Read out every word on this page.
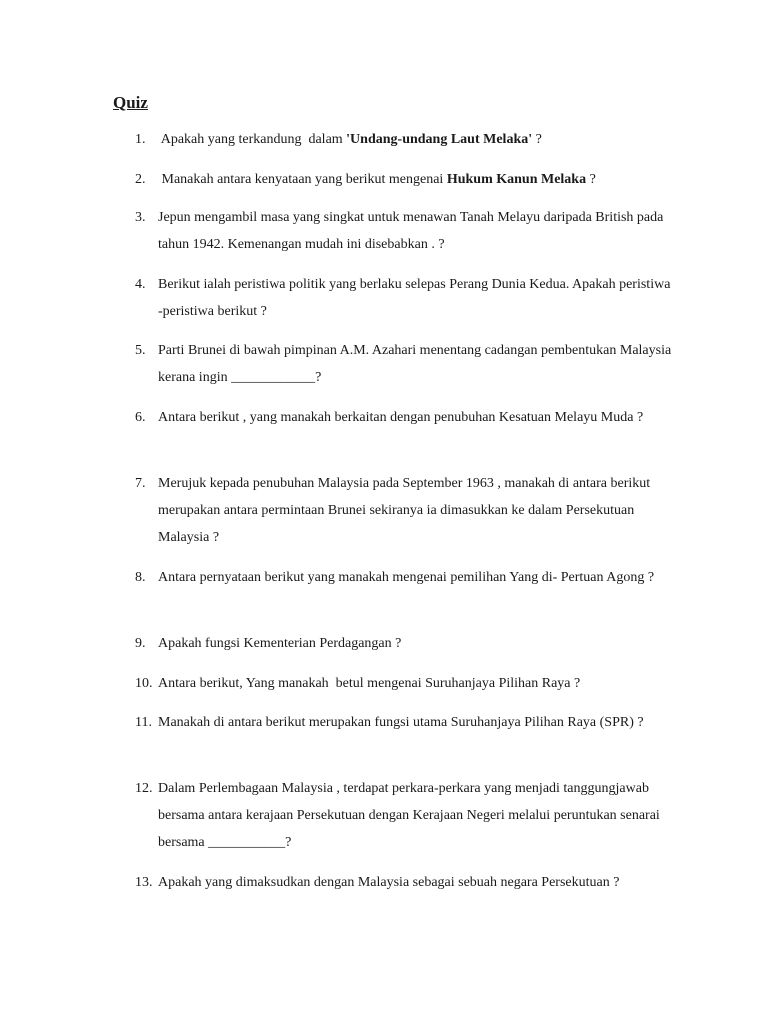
Quiz
1. Apakah yang terkandung  dalam 'Undang-undang Laut Melaka' ?
2. Manakah antara kenyataan yang berikut mengenai Hukum Kanun Melaka ?
3. Jepun mengambil masa yang singkat untuk menawan Tanah Melayu daripada British pada tahun 1942. Kemenangan mudah ini disebabkan . ?
4. Berikut ialah peristiwa politik yang berlaku selepas Perang Dunia Kedua. Apakah peristiwa -peristiwa berikut ?
5. Parti Brunei di bawah pimpinan A.M. Azahari menentang cadangan pembentukan Malaysia kerana ingin ____________?
6. Antara berikut , yang manakah berkaitan dengan penubuhan Kesatuan Melayu Muda ?
7. Merujuk kepada penubuhan Malaysia pada September 1963 , manakah di antara berikut merupakan antara permintaan Brunei sekiranya ia dimasukkan ke dalam Persekutuan Malaysia ?
8. Antara pernyataan berikut yang manakah mengenai pemilihan Yang di- Pertuan Agong ?
9. Apakah fungsi Kementerian Perdagangan ?
10. Antara berikut, Yang manakah  betul mengenai Suruhanjaya Pilihan Raya ?
11. Manakah di antara berikut merupakan fungsi utama Suruhanjaya Pilihan Raya (SPR) ?
12. Dalam Perlembagaan Malaysia , terdapat perkara-perkara yang menjadi tanggungjawab bersama antara kerajaan Persekutuan dengan Kerajaan Negeri melalui peruntukan senarai bersama ___________?
13. Apakah yang dimaksudkan dengan Malaysia sebagai sebuah negara Persekutuan ?
